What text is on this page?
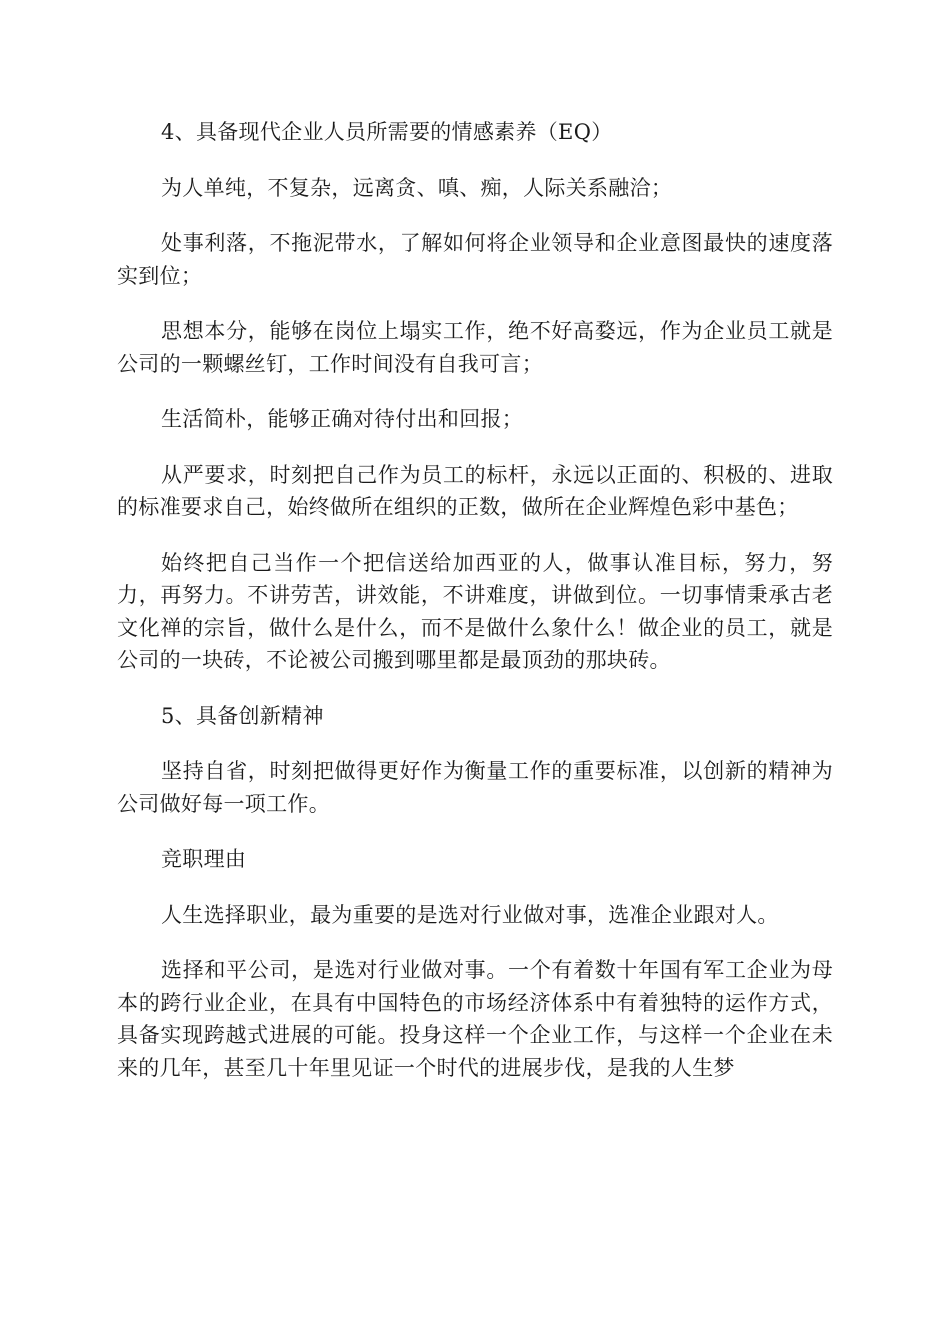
4、具备现代企业人员所需要的情感素养（EQ）

为人单纯，不复杂，远离贪、嗔、痴，人际关系融洽；

处事利落，不拖泥带水，了解如何将企业领导和企业意图最快的速度落实到位；

思想本分，能够在岗位上塌实工作，绝不好高婺远，作为企业员工就是公司的一颗螺丝钉，工作时间没有自我可言；

生活简朴，能够正确对待付出和回报；

从严要求，时刻把自己作为员工的标杆，永远以正面的、积极的、进取的标准要求自己，始终做所在组织的正数，做所在企业辉煌色彩中基色；

始终把自己当作一个把信送给加西亚的人，做事认准目标，努力，努力，再努力。不讲劳苦，讲效能，不讲难度，讲做到位。一切事情秉承古老文化禅的宗旨，做什么是什么，而不是做什么象什么！做企业的员工，就是公司的一块砖，不论被公司搬到哪里都是最顶劲的那块砖。

5、具备创新精神

坚持自省，时刻把做得更好作为衡量工作的重要标准，以创新的精神为公司做好每一项工作。

竞职理由

人生选择职业，最为重要的是选对行业做对事，选准企业跟对人。

选择和平公司，是选对行业做对事。一个有着数十年国有军工企业为母本的跨行业企业，在具有中国特色的市场经济体系中有着独特的运作方式，具备实现跨越式进展的可能。投身这样一个企业工作，与这样一个企业在未来的几年，甚至几十年里见证一个时代的进展步伐，是我的人生梦
